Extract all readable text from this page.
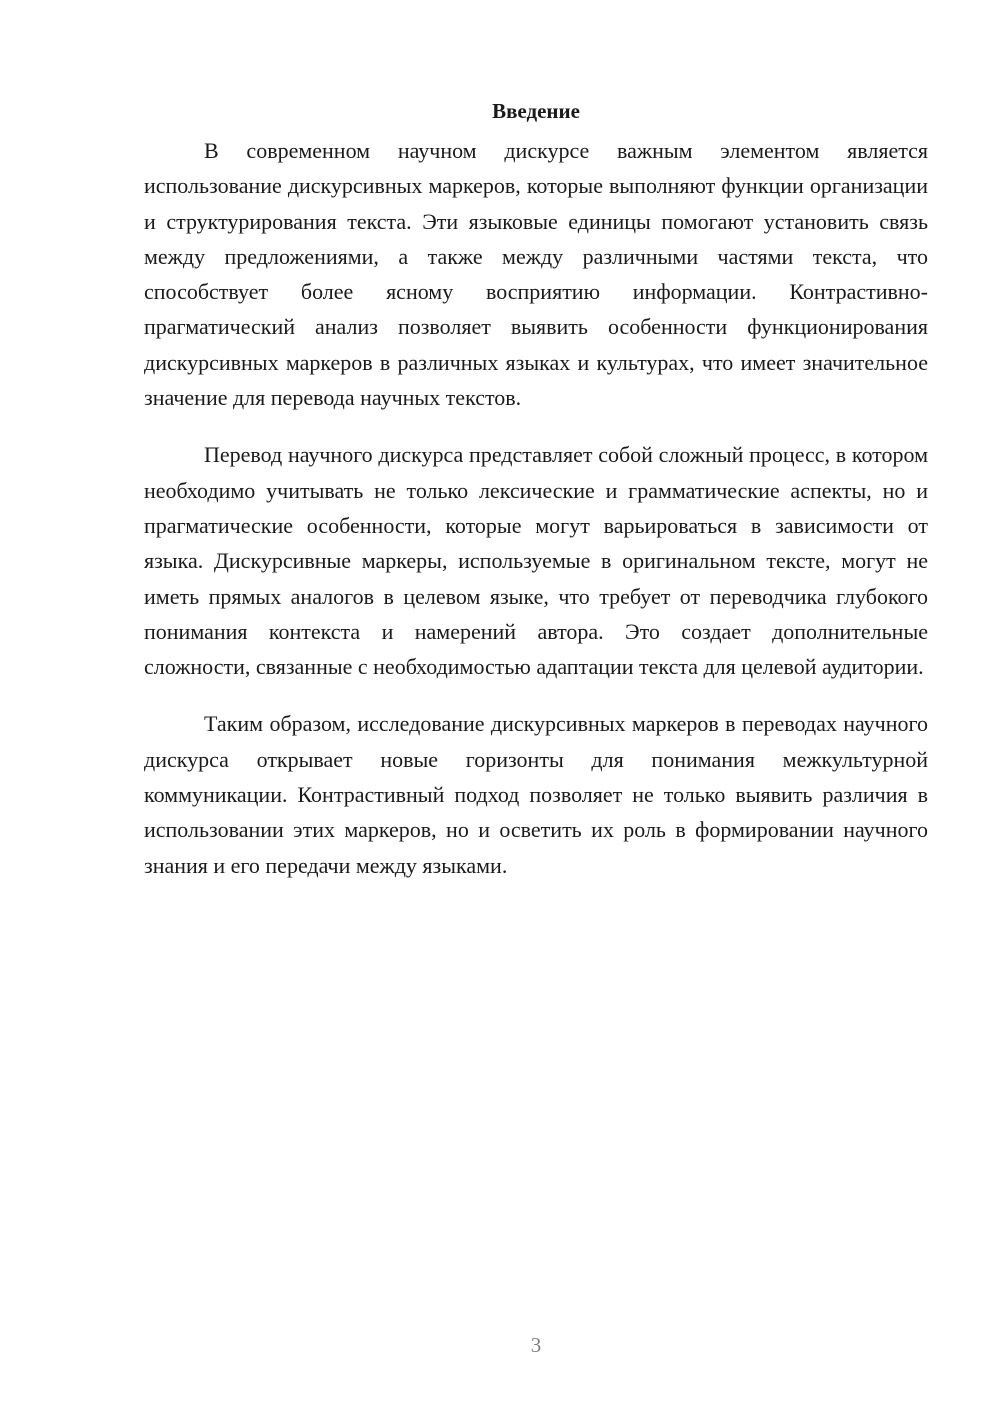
Введение

В современном научном дискурсе важным элементом является использование дискурсивных маркеров, которые выполняют функции организации и структурирования текста. Эти языковые единицы помогают установить связь между предложениями, а также между различными частями текста, что способствует более ясному восприятию информации. Контрастивно-прагматический анализ позволяет выявить особенности функционирования дискурсивных маркеров в различных языках и культурах, что имеет значительное значение для перевода научных текстов.

Перевод научного дискурса представляет собой сложный процесс, в котором необходимо учитывать не только лексические и грамматические аспекты, но и прагматические особенности, которые могут варьироваться в зависимости от языка. Дискурсивные маркеры, используемые в оригинальном тексте, могут не иметь прямых аналогов в целевом языке, что требует от переводчика глубокого понимания контекста и намерений автора. Это создает дополнительные сложности, связанные с необходимостью адаптации текста для целевой аудитории.

Таким образом, исследование дискурсивных маркеров в переводах научного дискурса открывает новые горизонты для понимания межкультурной коммуникации. Контрастивный подход позволяет не только выявить различия в использовании этих маркеров, но и осветить их роль в формировании научного знания и его передачи между языками.

3
